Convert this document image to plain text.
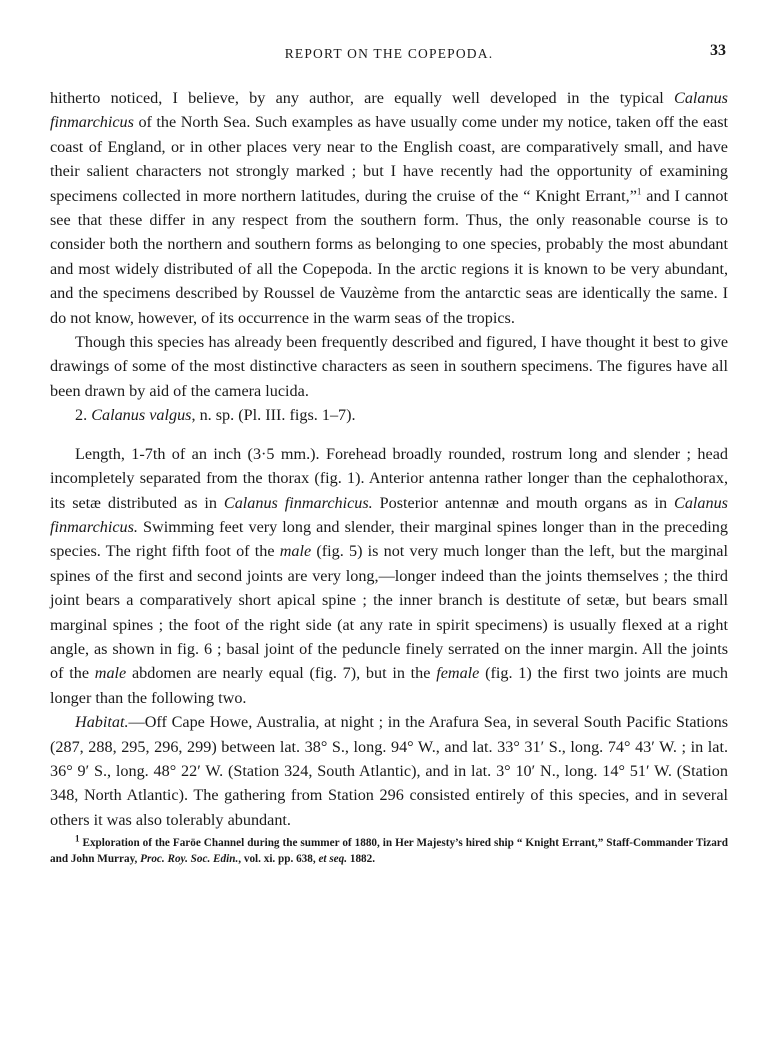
REPORT ON THE COPEPODA.	33

hitherto noticed, I believe, by any author, are equally well developed in the typical Calanus finmarchicus of the North Sea. Such examples as have usually come under my notice, taken off the east coast of England, or in other places very near to the English coast, are comparatively small, and have their salient characters not strongly marked ; but I have recently had the opportunity of examining specimens collected in more northern latitudes, during the cruise of the “ Knight Errant,”$^1$ and I cannot see that these differ in any respect from the southern form. Thus, the only reasonable course is to consider both the northern and southern forms as belonging to one species, probably the most abundant and most widely distributed of all the Copepoda. In the arctic regions it is known to be very abundant, and the specimens described by Roussel de Vauzème from the antarctic seas are identically the same. I do not know, however, of its occurrence in the warm seas of the tropics.

Though this species has already been frequently described and figured, I have thought it best to give drawings of some of the most distinctive characters as seen in southern specimens. The figures have all been drawn by aid of the camera lucida.

2. Calanus valgus, n. sp. (Pl. III. figs. 1–7).

Length, 1-7th of an inch (3·5 mm.). Forehead broadly rounded, rostrum long and slender ; head incompletely separated from the thorax (fig. 1). Anterior antenna rather longer than the cephalothorax, its setæ distributed as in Calanus finmarchicus. Posterior antennæ and mouth organs as in Calanus finmarchicus. Swimming feet very long and slender, their marginal spines longer than in the preceding species. The right fifth foot of the male (fig. 5) is not very much longer than the left, but the marginal spines of the first and second joints are very long,—longer indeed than the joints themselves ; the third joint bears a comparatively short apical spine ; the inner branch is destitute of setæ, but bears small marginal spines ; the foot of the right side (at any rate in spirit specimens) is usually flexed at a right angle, as shown in fig. 6 ; basal joint of the peduncle finely serrated on the inner margin. All the joints of the male abdomen are nearly equal (fig. 7), but in the female (fig. 1) the first two joints are much longer than the following two.

Habitat.—Off Cape Howe, Australia, at night ; in the Arafura Sea, in several South Pacific Stations (287, 288, 295, 296, 299) between lat. 38° S., long. 94° W., and lat. 33° 31′ S., long. 74° 43′ W. ; in lat. 36° 9′ S., long. 48° 22′ W. (Station 324, South Atlantic), and in lat. 3° 10′ N., long. 14° 51′ W. (Station 348, North Atlantic). The gathering from Station 296 consisted entirely of this species, and in several others it was also tolerably abundant.

$^1$ Exploration of the Faröe Channel during the summer of 1880, in Her Majesty’s hired ship “ Knight Errant,” Staff-Commander Tizard and John Murray, Proc. Roy. Soc. Edin., vol. xi. pp. 638, et seq. 1882.
